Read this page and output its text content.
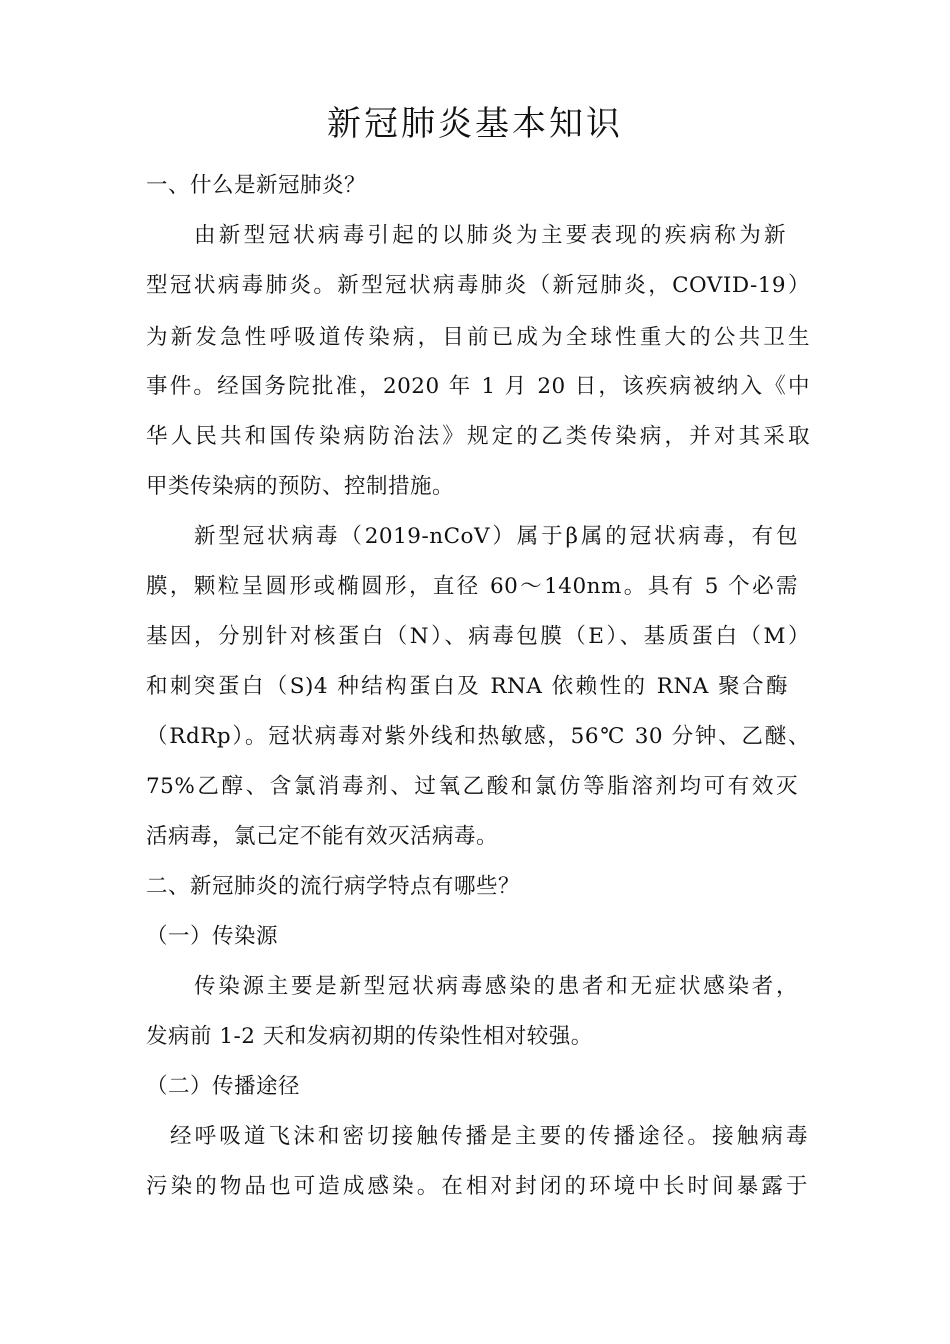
新冠肺炎基本知识

一、什么是新冠肺炎？

由新型冠状病毒引起的以肺炎为主要表现的疾病称为新

型冠状病毒肺炎。新型冠状病毒肺炎（新冠肺炎，COVID-19）

为新发急性呼吸道传染病，目前已成为全球性重大的公共卫生

事件。经国务院批准，2020 年 1 月 20 日，该疾病被纳入《中

华人民共和国传染病防治法》规定的乙类传染病，并对其采取

甲类传染病的预防、控制措施。

新型冠状病毒（2019-nCoV）属于β属的冠状病毒，有包

膜，颗粒呈圆形或椭圆形，直径 60～140nm。具有 5 个必需

基因，分别针对核蛋白（N）、病毒包膜（E）、基质蛋白（M）

和刺突蛋白（S)4 种结构蛋白及 RNA 依赖性的 RNA 聚合酶

（RdRp）。冠状病毒对紫外线和热敏感，56℃ 30 分钟、乙醚、

75%乙醇、含氯消毒剂、过氧乙酸和氯仿等脂溶剂均可有效灭

活病毒，氯己定不能有效灭活病毒。

二、新冠肺炎的流行病学特点有哪些？

（一）传染源

传染源主要是新型冠状病毒感染的患者和无症状感染者，

发病前 1-2 天和发病初期的传染性相对较强。

（二）传播途径

经呼吸道飞沫和密切接触传播是主要的传播途径。接触病毒

污染的物品也可造成感染。在相对封闭的环境中长时间暴露于
